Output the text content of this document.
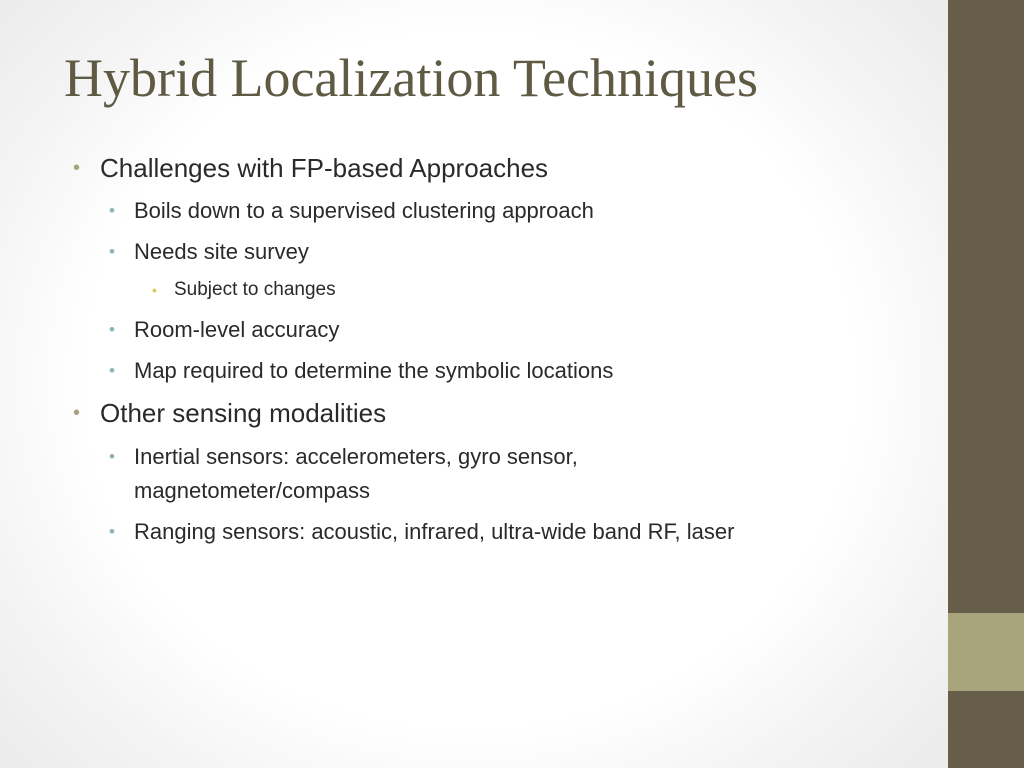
Hybrid Localization Techniques
• Challenges with FP-based Approaches
• Boils down to a supervised clustering approach
• Needs site survey
• Subject to changes
• Room-level accuracy
• Map required to determine the symbolic locations
• Other sensing modalities
• Inertial sensors: accelerometers, gyro sensor,
magnetometer/compass
• Ranging sensors: acoustic, infrared, ultra-wide band RF, laser
